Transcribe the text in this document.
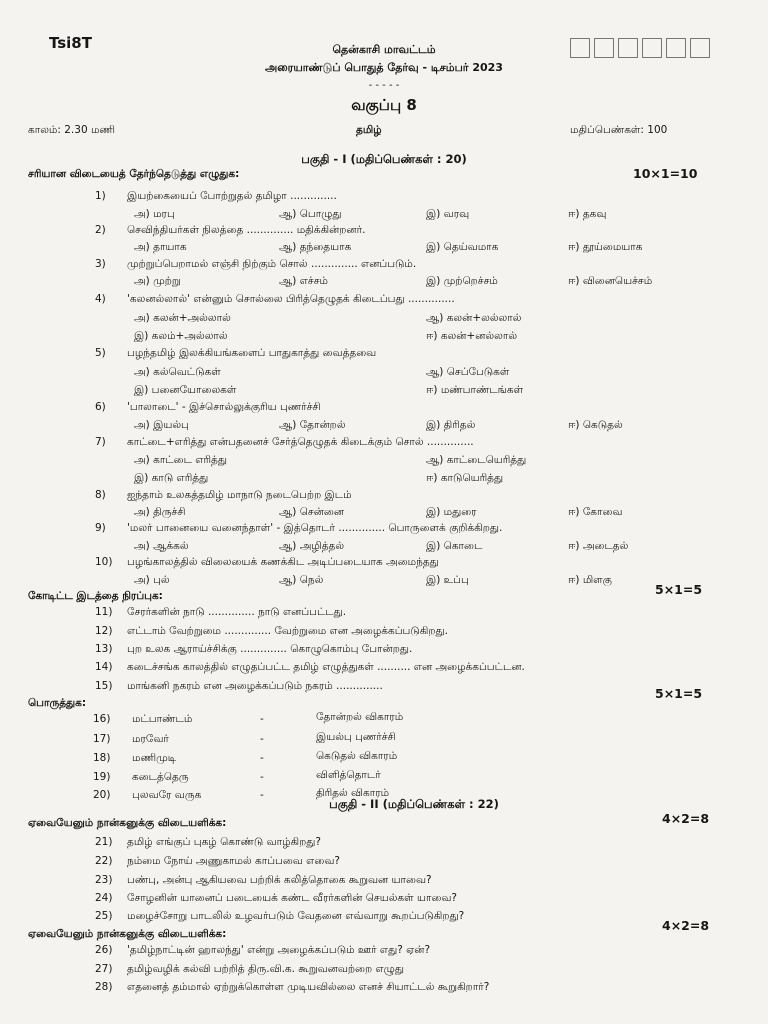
Tsi8T	தென்காசி மாவட்டம்
அரையாண்டுப் பொதுத் தேர்வு - டிசம்பர் 2023
- - - - -
வகுப்பு 8
காலம்: 2.30 மணி	தமிழ்	மதிப்பெண்கள்: 100
பகுதி - I (மதிப்பெண்கள் : 20)
சரியான விடையைத் தேர்ந்தெடுத்து எழுதுக:	10×1=10
1) இயற்கையைப் போற்றுதல் தமிழா ..............
அ) மரபு	ஆ) பொழுது	இ) வரவு	ஈ) தகவு
2) செவிந்தியர்கள் நிலத்தை .............. மதிக்கின்றனர்.
அ) தாயாக	ஆ) தந்தையாக	இ) தெய்வமாக	ஈ) தூய்மையாக
3) முற்றுப்பெறாமல் எஞ்சி நிற்கும் சொல் .............. எனப்படும்.
அ) முற்று	ஆ) எச்சம்	இ) முற்றெச்சம்	ஈ) வினையெச்சம்
4) 'கலனல்லால்' என்னும் சொல்லை பிரித்தெழுதக் கிடைப்பது ..............
அ) கலன்+அல்லால்	ஆ) கலன்+லல்லால்
இ) கலம்+அல்லால்	ஈ) கலன்+னல்லால்
5) பழந்தமிழ் இலக்கியங்களைப் பாதுகாத்து வைத்தவை
அ) கல்வெட்டுகள்	ஆ) செப்பேடுகள்
இ) பனையோலைகள்	ஈ) மண்பாண்டங்கள்
6) 'பாலாடை' - இச்சொல்லுக்குரிய புணர்ச்சி
அ) இயல்பு	ஆ) தோன்றல்	இ) திரிதல்	ஈ) கெடுதல்
7) காட்டை+எரித்து என்பதனைச் சேர்த்தெழுதக் கிடைக்கும் சொல் ..............
அ) காட்டை எரித்து	ஆ) காட்டையெரித்து
இ) காடு எரித்து	ஈ) காடுயெரித்து
8) ஐந்தாம் உலகத்தமிழ் மாநாடு நடைபெற்ற இடம்
அ) திருச்சி	ஆ) சென்னை	இ) மதுரை	ஈ) கோவை
9) 'மலர் பானையை வனைந்தாள்' - இத்தொடர் .............. பொருளைக் குறிக்கிறது.
அ) ஆக்கல்	ஆ) அழித்தல்	இ) கொடை	ஈ) அடைதல்
10) பழங்காலத்தில் விலையைக் கணக்கிட அடிப்படையாக அமைந்தது
அ) புல்	ஆ) நெல்	இ) உப்பு	ஈ) மிளகு
கோடிட்ட இடத்தை நிரப்புக:	5×1=5
11) சேரர்களின் நாடு .............. நாடு எனப்பட்டது.
12) எட்டாம் வேற்றுமை .............. வேற்றுமை என அழைக்கப்படுகிறது.
13) புற உலக ஆராய்ச்சிக்கு .............. கொழுகொம்பு போன்றது.
14) கடைச்சங்க காலத்தில் எழுதப்பட்ட தமிழ் எழுத்துகள் .......... என அழைக்கப்பட்டன.
15) மாங்கனி நகரம் என அழைக்கப்படும் நகரம் ..............
பொருத்துக:
5×1=5
16) மட்பாண்டம்	-	தோன்றல் விகாரம்
17) மரவேர்	-	இயல்பு புணர்ச்சி
18) மணிமுடி	-	கெடுதல் விகாரம்
19) கடைத்தெரு	-	விளித்தொடர்
20) புலவரே வருக	-	திரிதல் விகாரம்
பகுதி - II (மதிப்பெண்கள் : 22)
ஏவையேனும் நான்கனுக்கு விடையளிக்க:	4×2=8
21) தமிழ் எங்குப் புகழ் கொண்டு வாழ்கிறது?
22) நம்மை நோய் அணுகாமல் காப்பவை எவை?
23) பண்பு, அன்பு ஆகியவை பற்றிக் கலித்தொகை கூறுவன யாவை?
24) சோழனின் யானைப் படையைக் கண்ட வீரர்களின் செயல்கள் யாவை?
25) மழைச்சோறு பாடலில் உழவர்படும் வேதனை எவ்வாறு கூறப்படுகிறது?
ஏவையேனும் நான்கனுக்கு விடையளிக்க:
4×2=8
26) 'தமிழ்நாட்டின் ஹாலந்து' என்று அழைக்கப்படும் ஊர் எது? ஏன்?
27) தமிழ்வழிக் கல்வி பற்றித் திரு.வி.க. கூறுவனவற்றை எழுது
28) எதனைத் தம்மால் ஏற்றுக்கொள்ள முடியவில்லை எனச் சியாட்டல் கூறுகிறார்?
